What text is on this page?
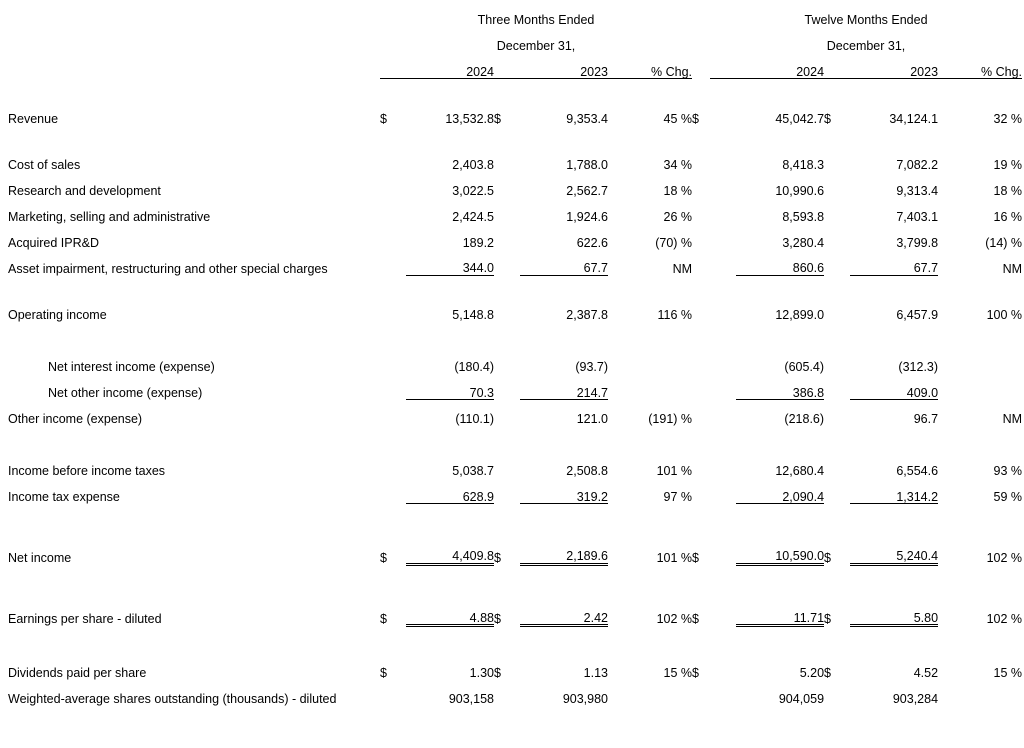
	Three Months Ended							Twelve Months Ended					
	December 31,							December 31,					
	2024		2023			% Chg.		2024		2023			% Chg.

Revenue	$	13,532.8	$	9,353.4		45 %	$		45,042.7	$	34,124.1		32 %

Cost of sales		2,403.8		1,788.0		34 %			8,418.3		7,082.2		19 %
Research and development		3,022.5		2,562.7		18 %			10,990.6		9,313.4		18 %
Marketing, selling and administrative		2,424.5		1,924.6		26 %			8,593.8		7,403.1		16 %
Acquired IPR&D		189.2		622.6		(70) %			3,280.4		3,799.8		(14) %
Asset impairment, restructuring and other special charges		344.0		67.7		NM			860.6		67.7		NM

Operating income		5,148.8		2,387.8		116 %			12,899.0		6,457.9		100 %

Net interest income (expense)		(180.4)		(93.7)					(605.4)		(312.3)		
Net other income (expense)		70.3		214.7					386.8		409.0		
Other income (expense)		(110.1)		121.0		(191) %			(218.6)		96.7		NM

Income before income taxes		5,038.7		2,508.8		101 %			12,680.4		6,554.6		93 %
Income tax expense		628.9		319.2		97 %			2,090.4		1,314.2		59 %

Net income	$	4,409.8	$	2,189.6		101 %	$		10,590.0	$	5,240.4		102 %

Earnings per share - diluted	$	4.88	$	2.42		102 %	$		11.71	$	5.80		102 %

Dividends paid per share	$	1.30	$	1.13		15 %	$		5.20	$	4.52		15 %
Weighted-average shares outstanding (thousands) - diluted		903,158		903,980					904,059		903,284		
